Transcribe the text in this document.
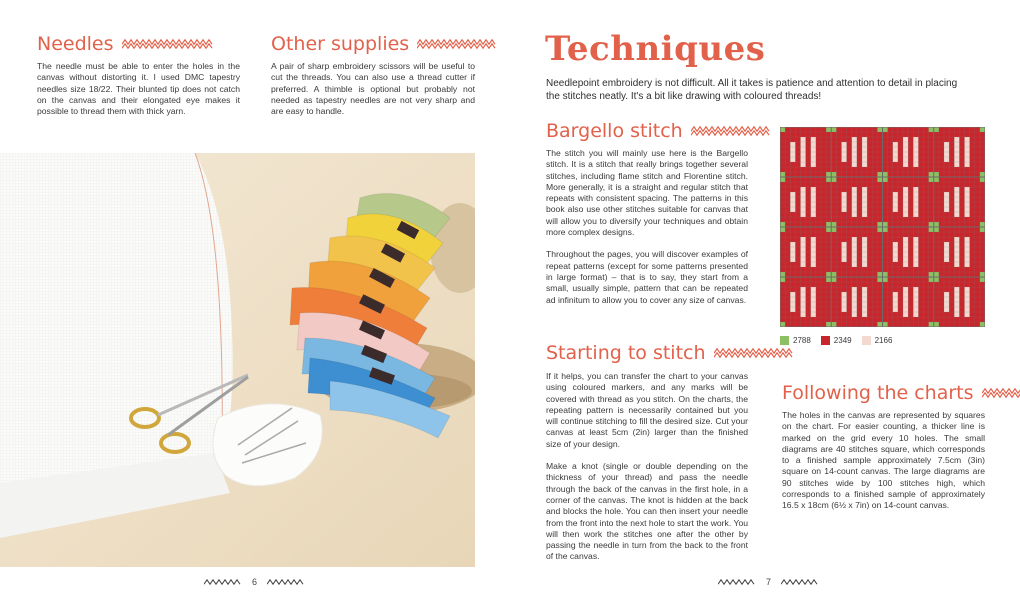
Needles

The needle must be able to enter the holes in the canvas without distorting it. I used DMC tapestry needles size 18/22. Their blunted tip does not catch on the canvas and their elongated eye makes it possible to thread them with thick yarn.

Other supplies

A pair of sharp embroidery scissors will be useful to cut the threads. You can also use a thread cutter if preferred. A thimble is optional but probably not needed as tapestry needles are not very sharp and are easy to handle.

6
Techniques

Needlepoint embroidery is not difficult. All it takes is patience and attention to detail in placing the stitches neatly. It's a bit like drawing with coloured threads!

Bargello stitch

The stitch you will mainly use here is the Bargello stitch. It is a stitch that really brings together several stitches, including flame stitch and Florentine stitch. More generally, it is a straight and regular stitch that repeats with consistent spacing. The patterns in this book also use other stitches suitable for canvas that will allow you to diversify your techniques and obtain more complex designs.

Throughout the pages, you will discover examples of repeat patterns (except for some patterns presented in large format) – that is to say, they start from a small, usually simple, pattern that can be repeated ad infinitum to allow you to cover any size of canvas.

2788	2349	2166
Starting to stitch

If it helps, you can transfer the chart to your canvas using coloured markers, and any marks will be covered with thread as you stitch. On the charts, the repeating pattern is necessarily contained but you will continue stitching to fill the desired size. Cut your canvas at least 5cm (2in) larger than the finished size of your design.

Make a knot (single or double depending on the thickness of your thread) and pass the needle through the back of the canvas in the first hole, in a corner of the canvas. The knot is hidden at the back and blocks the hole. You can then insert your needle from the front into the next hole to start the work. You will then work the stitches one after the other by passing the needle in turn from the back to the front of the canvas.

Following the charts

The holes in the canvas are represented by squares on the chart. For easier counting, a thicker line is marked on the grid every 10 holes. The small diagrams are 40 stitches square, which corresponds to a finished sample approximately 7.5cm (3in) square on 14-count canvas. The large diagrams are 90 stitches wide by 100 stitches high, which corresponds to a finished sample of approximately 16.5 x 18cm (6½ x 7in) on 14-count canvas.

7
